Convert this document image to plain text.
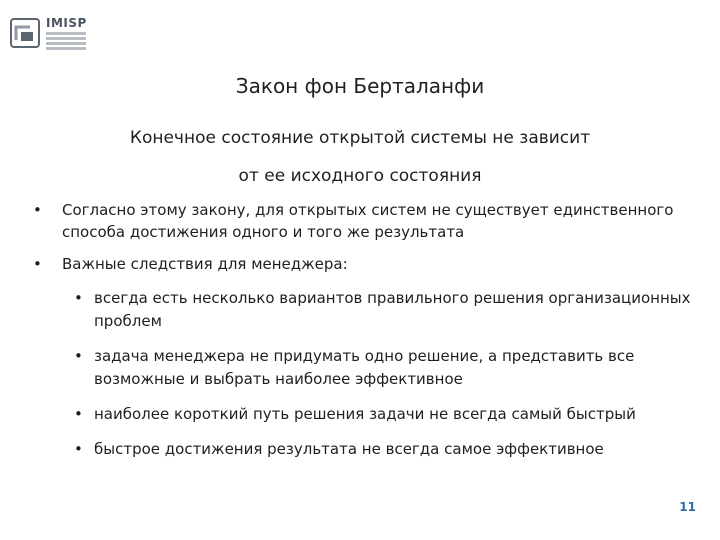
IMISP
Закон фон Берталанфи
Конечное состояние открытой системы не зависит
от ее исходного состояния
• Согласно этому закону, для открытых систем не существует единственного способа достижения одного и того же результата
• Важные следствия для менеджера:
• всегда есть несколько вариантов правильного решения организационных проблем
• задача менеджера не придумать одно решение, а представить все возможные и выбрать наиболее эффективное
• наиболее короткий путь решения задачи не всегда самый быстрый
• быстрое достижения результата не всегда самое эффективное
11
